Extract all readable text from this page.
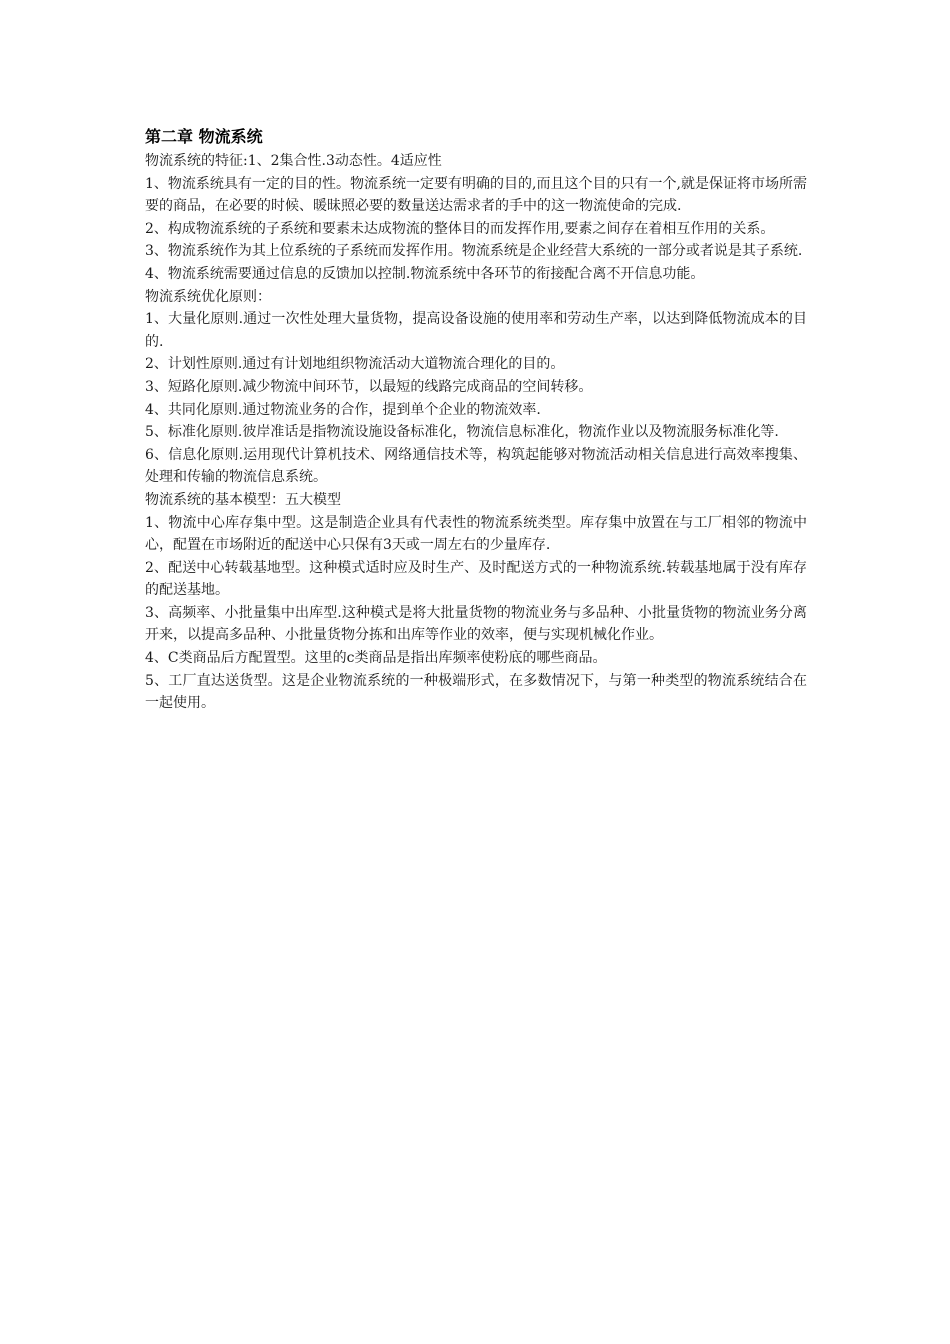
第二章 物流系统

物流系统的特征:1、2集合性.3动态性。4适应性

1、物流系统具有一定的目的性。物流系统一定要有明确的目的,而且这个目的只有一个,就是保证将市场所需要的商品，在必要的时候、暖昧照必要的数量送达需求者的手中的这一物流使命的完成.

2、构成物流系统的子系统和要素未达成物流的整体目的而发挥作用,要素之间存在着相互作用的关系。

3、物流系统作为其上位系统的子系统而发挥作用。物流系统是企业经营大系统的一部分或者说是其子系统.

4、物流系统需要通过信息的反馈加以控制.物流系统中各环节的衔接配合离不开信息功能。

物流系统优化原则：

1、大量化原则.通过一次性处理大量货物，提高设备设施的使用率和劳动生产率，以达到降低物流成本的目的.

2、计划性原则.通过有计划地组织物流活动大道物流合理化的目的。

3、短路化原则.减少物流中间环节，以最短的线路完成商品的空间转移。

4、共同化原则.通过物流业务的合作，提到单个企业的物流效率.

5、标准化原则.彼岸准话是指物流设施设备标准化，物流信息标准化，物流作业以及物流服务标准化等.

6、信息化原则.运用现代计算机技术、网络通信技术等，构筑起能够对物流活动相关信息进行高效率搜集、处理和传输的物流信息系统。

物流系统的基本模型：五大模型

1、物流中心库存集中型。这是制造企业具有代表性的物流系统类型。库存集中放置在与工厂相邻的物流中心，配置在市场附近的配送中心只保有3天或一周左右的少量库存.

2、配送中心转载基地型。这种模式适时应及时生产、及时配送方式的一种物流系统.转载基地属于没有库存的配送基地。

3、高频率、小批量集中出库型.这种模式是将大批量货物的物流业务与多品种、小批量货物的物流业务分离开来，以提高多品种、小批量货物分拣和出库等作业的效率，便与实现机械化作业。

4、C类商品后方配置型。这里的c类商品是指出库频率使粉底的哪些商品。

5、工厂直达送货型。这是企业物流系统的一种极端形式，在多数情况下，与第一种类型的物流系统结合在一起使用。
